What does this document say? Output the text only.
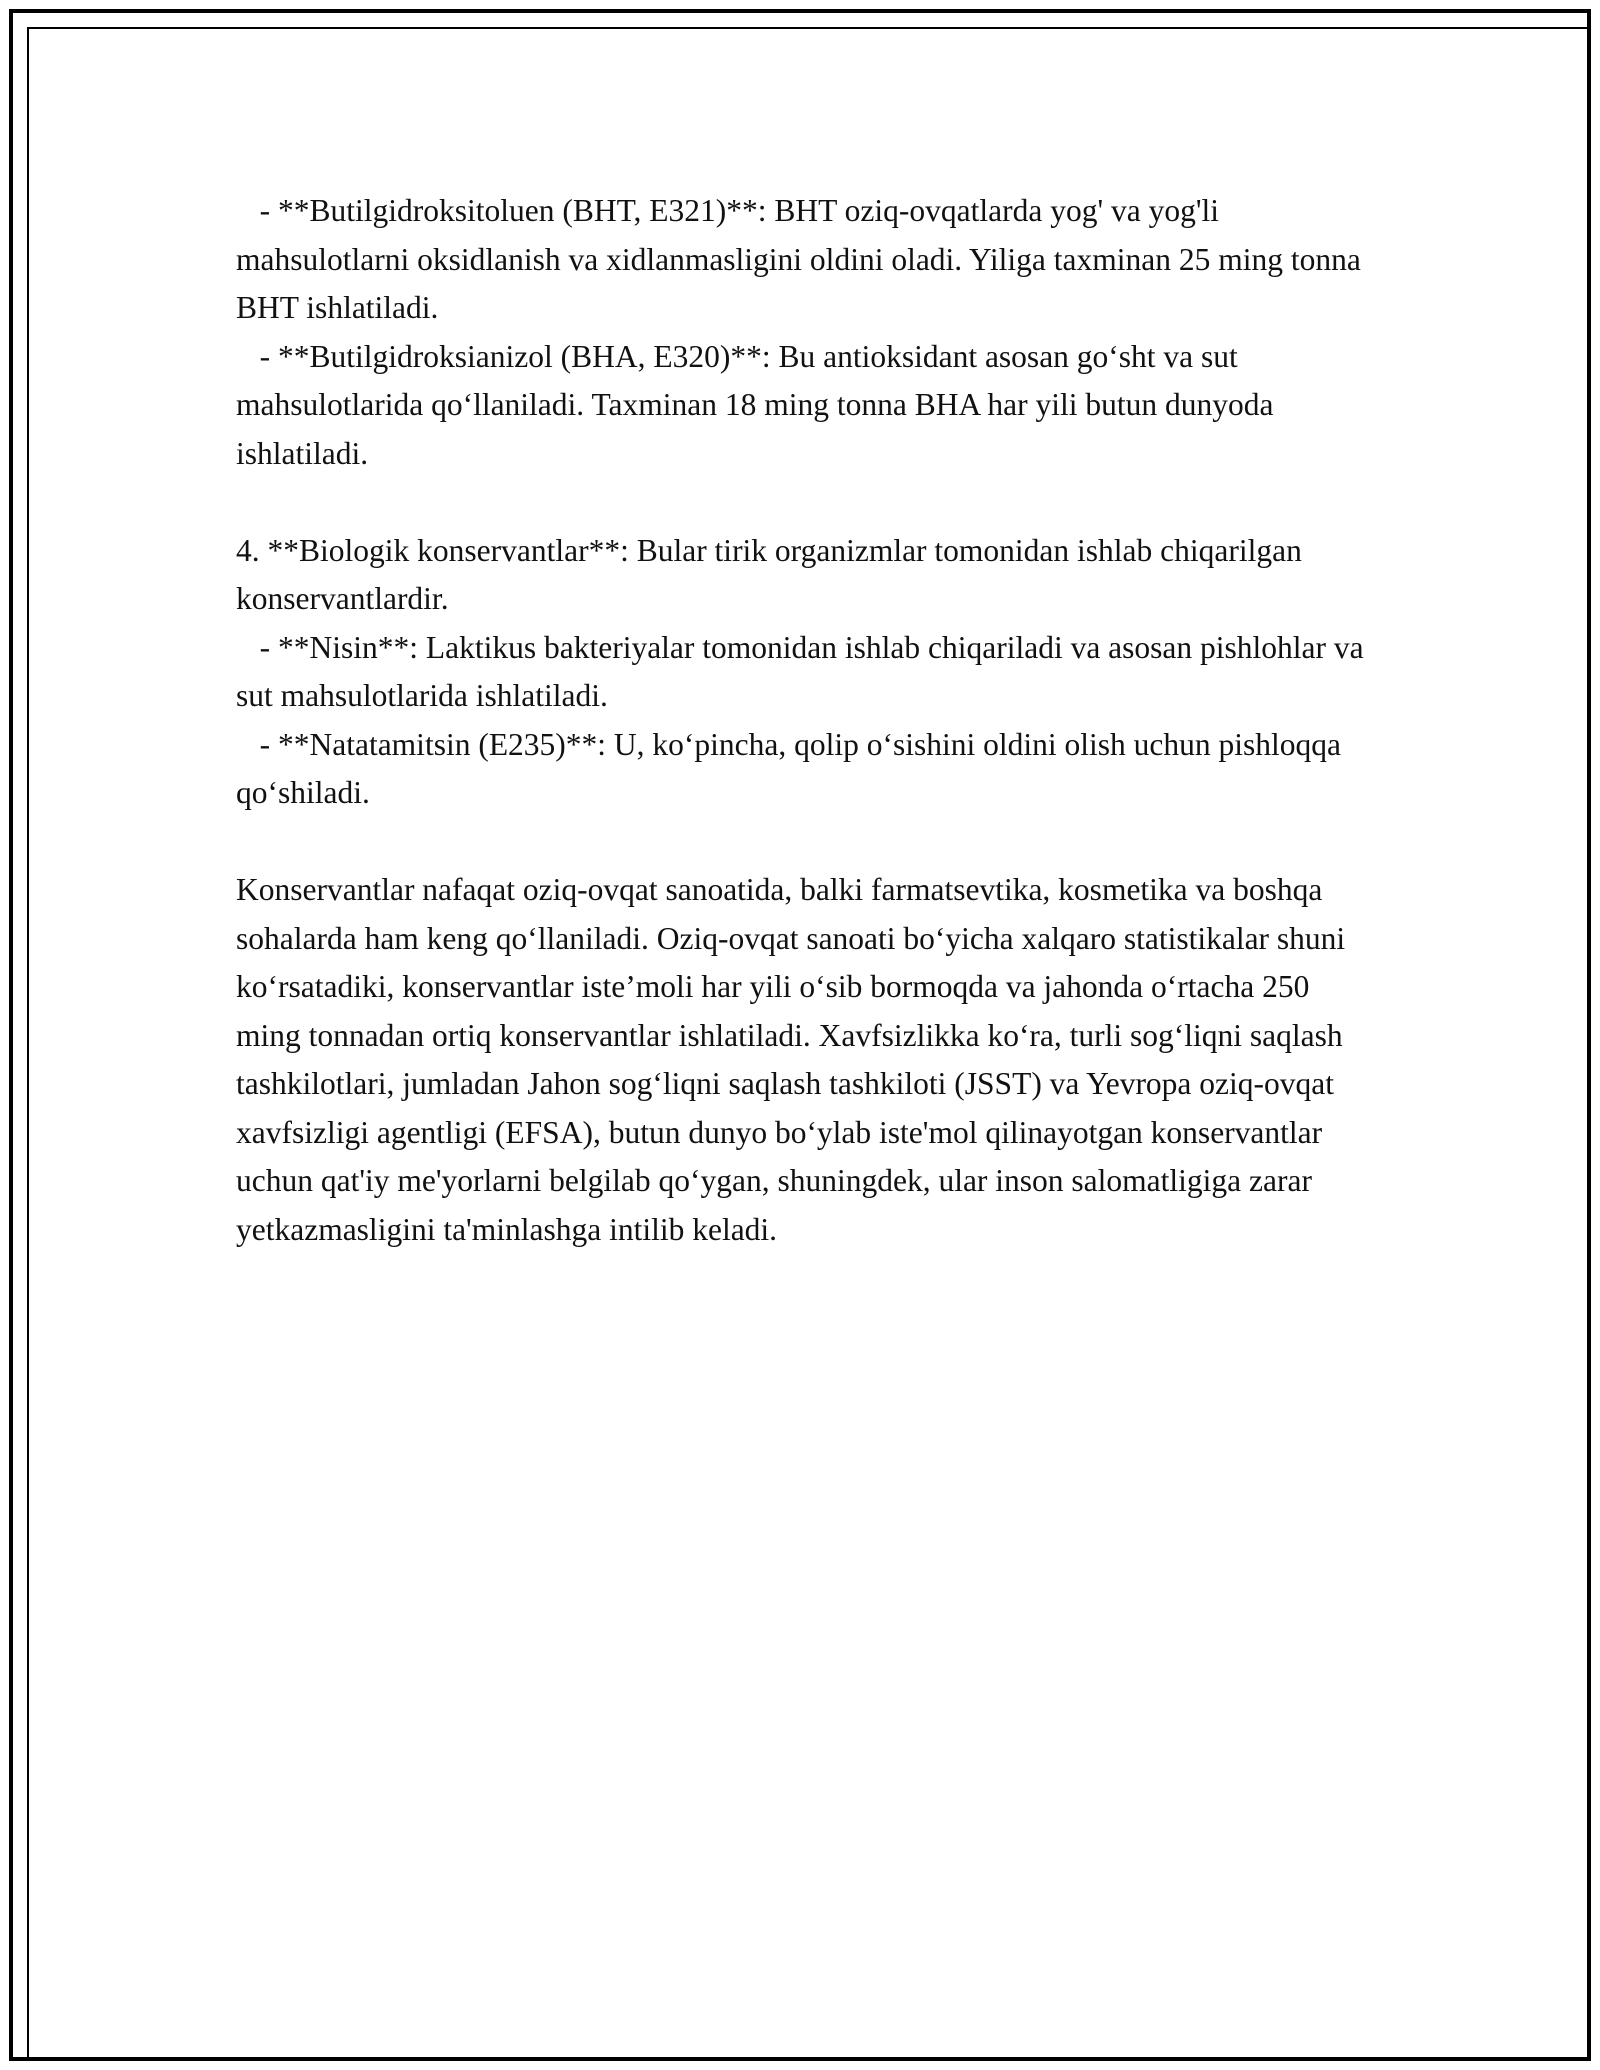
- **Butilgidroksitoluen (BHT, E321)**: BHT oziq-ovqatlarda yog' va yog'li mahsulotlarni oksidlanish va xidlanmasligini oldini oladi. Yiliga taxminan 25 ming tonna BHT ishlatiladi.

- **Butilgidroksianizol (BHA, E320)**: Bu antioksidant asosan go‘sht va sut mahsulotlarida qo‘llaniladi. Taxminan 18 ming tonna BHA har yili butun dunyoda ishlatiladi.

4. **Biologik konservantlar**: Bular tirik organizmlar tomonidan ishlab chiqarilgan konservantlardir.

- **Nisin**: Laktikus bakteriyalar tomonidan ishlab chiqariladi va asosan pishlohlar va sut mahsulotlarida ishlatiladi.

- **Natatamitsin (E235)**: U, ko‘pincha, qolip o‘sishini oldini olish uchun pishloqqa qo‘shiladi.

Konservantlar nafaqat oziq-ovqat sanoatida, balki farmatsevtika, kosmetika va boshqa sohalarda ham keng qo‘llaniladi. Oziq-ovqat sanoati bo‘yicha xalqaro statistikalar shuni ko‘rsatadiki, konservantlar iste’moli har yili o‘sib bormoqda va jahonda o‘rtacha 250 ming tonnadan ortiq konservantlar ishlatiladi. Xavfsizlikka ko‘ra, turli sog‘liqni saqlash tashkilotlari, jumladan Jahon sog‘liqni saqlash tashkiloti (JSST) va Yevropa oziq-ovqat xavfsizligi agentligi (EFSA), butun dunyo bo‘ylab iste'mol qilinayotgan konservantlar uchun qat'iy me'yorlarni belgilab qo‘ygan, shuningdek, ular inson salomatligiga zarar yetkazmasligini ta'minlashga intilib keladi.
